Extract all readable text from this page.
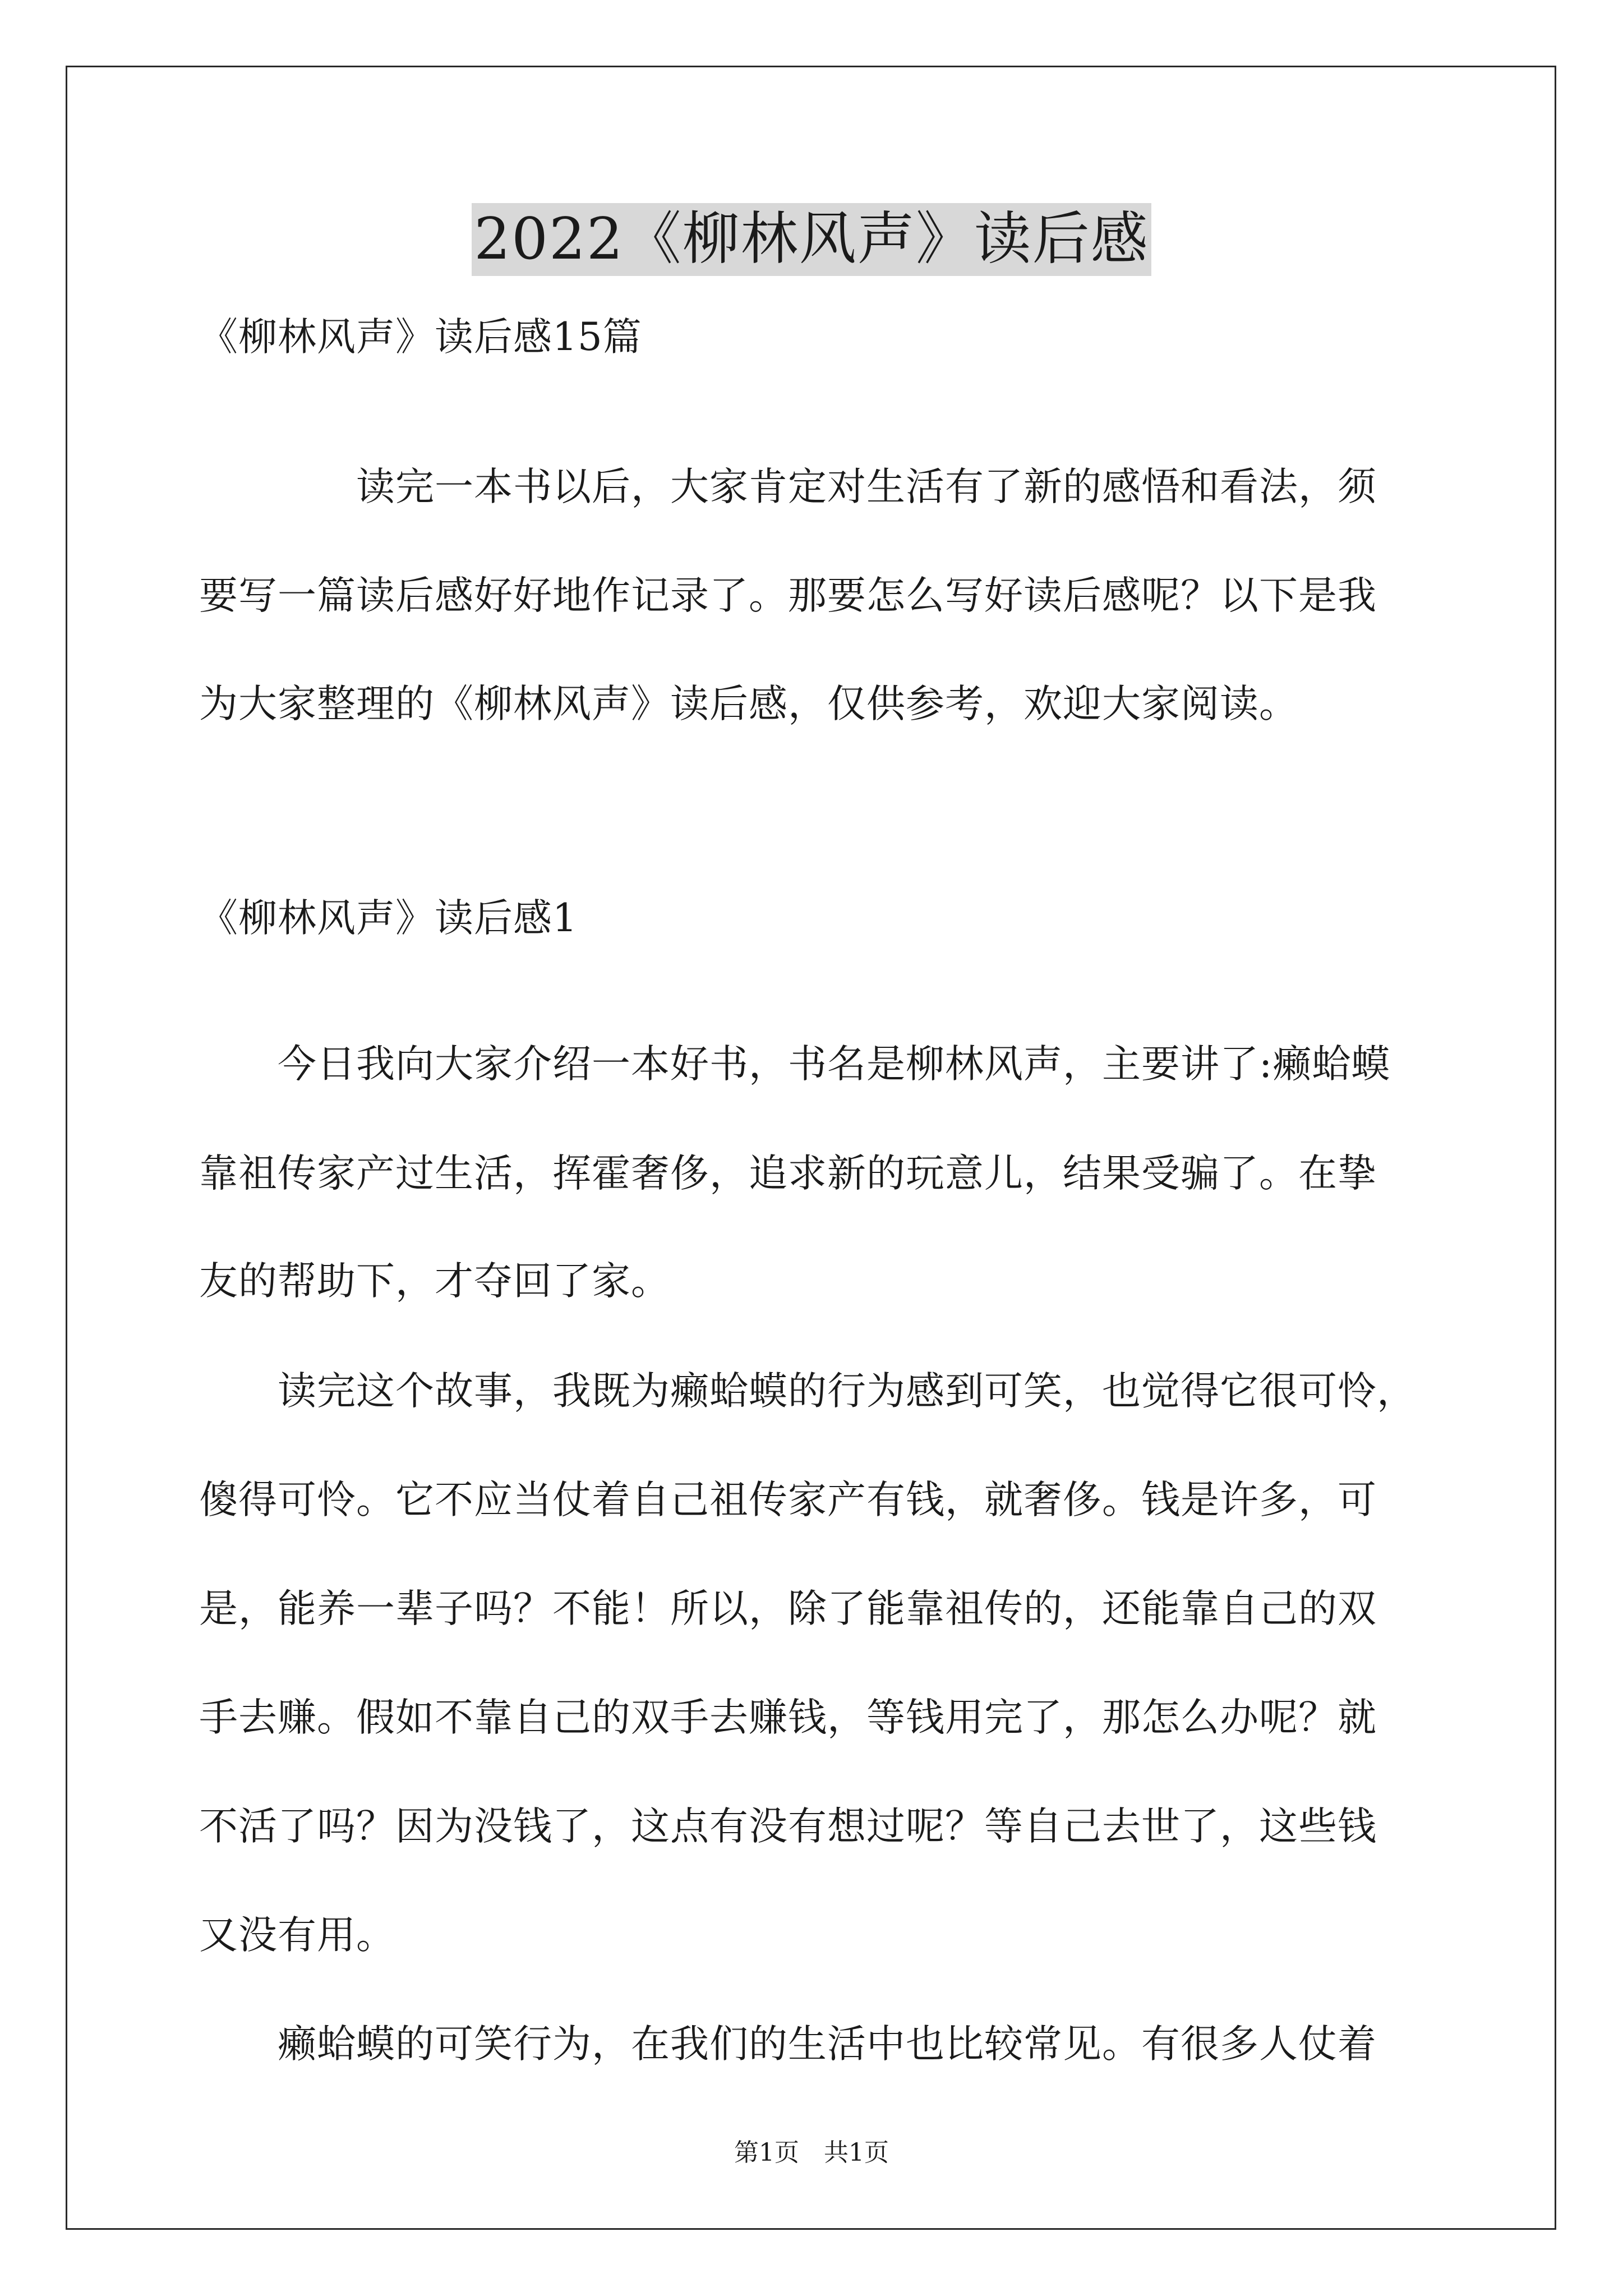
2022《柳林风声》读后感
《柳林风声》读后感15篇
　　　　读完一本书以后，大家肯定对生活有了新的感悟和看法，须
要写一篇读后感好好地作记录了。那要怎么写好读后感呢？以下是我
为大家整理的《柳林风声》读后感，仅供参考，欢迎大家阅读。
《柳林风声》读后感1
　　今日我向大家介绍一本好书，书名是柳林风声，主要讲了:癞蛤蟆
靠祖传家产过生活，挥霍奢侈，追求新的玩意儿，结果受骗了。在挚
友的帮助下，才夺回了家。
　　读完这个故事，我既为癞蛤蟆的行为感到可笑，也觉得它很可怜，
傻得可怜。它不应当仗着自己祖传家产有钱，就奢侈。钱是许多，可
是，能养一辈子吗？不能！所以，除了能靠祖传的，还能靠自己的双
手去赚。假如不靠自己的双手去赚钱，等钱用完了，那怎么办呢？就
不活了吗？因为没钱了，这点有没有想过呢？等自己去世了，这些钱
又没有用。
　　癞蛤蟆的可笑行为，在我们的生活中也比较常见。有很多人仗着
第1页　共1页
